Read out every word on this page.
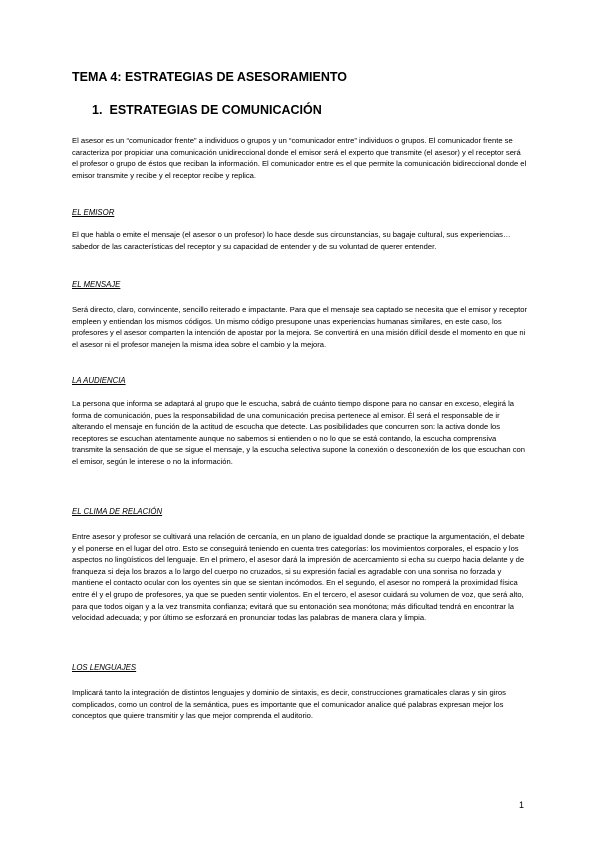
TEMA 4: ESTRATEGIAS DE ASESORAMIENTO
1. ESTRATEGIAS DE COMUNICACIÓN

El asesor es un “comunicador frente” a individuos o grupos y un “comunicador entre” individuos o grupos. El comunicador frente se caracteriza por propiciar una comunicación unidireccional donde el emisor será el experto que transmite (el asesor) y el receptor será el profesor o grupo de éstos que reciban la información. El comunicador entre es el que permite la comunicación bidireccional donde el emisor transmite y recibe y el receptor recibe y replica.

EL EMISOR

El que habla o emite el mensaje (el asesor o un profesor) lo hace desde sus circunstancias, su bagaje cultural, sus experiencias… sabedor de las características del receptor y su capacidad de entender y de su voluntad de querer entender.

EL MENSAJE

Será directo, claro, convincente, sencillo reiterado e impactante. Para que el mensaje sea captado se necesita que el emisor y receptor empleen y entiendan los mismos códigos. Un mismo código presupone unas experiencias humanas similares, en este caso, los profesores y el asesor comparten la intención de apostar por la mejora. Se convertirá en una misión difícil desde el momento en que ni el asesor ni el profesor manejen la misma idea sobre el cambio y la mejora.

LA AUDIENCIA

La persona que informa se adaptará al grupo que le escucha, sabrá de cuánto tiempo dispone para no cansar en exceso, elegirá la forma de comunicación, pues la responsabilidad de una comunicación precisa pertenece al emisor. Él será el responsable de ir alterando el mensaje en función de la actitud de escucha que detecte. Las posibilidades que concurren son: la activa donde los receptores se escuchan atentamente aunque no sabemos si entienden o no lo que se está contando, la escucha comprensiva transmite la sensación de que se sigue el mensaje, y la escucha selectiva supone la conexión o desconexión de los que escuchan con el emisor, según le interese o no la información.

EL CLIMA DE RELACIÓN

Entre asesor y profesor se cultivará una relación de cercanía, en un plano de igualdad donde se practique la argumentación, el debate y el ponerse en el lugar del otro. Esto se conseguirá teniendo en cuenta tres categorías: los movimientos corporales, el espacio y los aspectos no lingüísticos del lenguaje. En el primero, el asesor dará la impresión de acercamiento si echa su cuerpo hacia delante y de franqueza si deja los brazos a lo largo del cuerpo no cruzados, si su expresión facial es agradable con una sonrisa no forzada y mantiene el contacto ocular con los oyentes sin que se sientan incómodos. En el segundo, el asesor no romperá la proximidad física entre él y el grupo de profesores, ya que se pueden sentir violentos. En el tercero, el asesor cuidará su volumen de voz, que será alto, para que todos oigan y a la vez transmita confianza; evitará que su entonación sea monótona; más dificultad tendrá en encontrar la velocidad adecuada; y por último se esforzará en pronunciar todas las palabras de manera clara y limpia.

LOS LENGUAJES

Implicará tanto la integración de distintos lenguajes y dominio de sintaxis, es decir, construcciones gramaticales claras y sin giros complicados, como un control de la semántica, pues es importante que el comunicador analice qué palabras expresan mejor los conceptos que quiere transmitir y las que mejor comprenda el auditorio.

1
